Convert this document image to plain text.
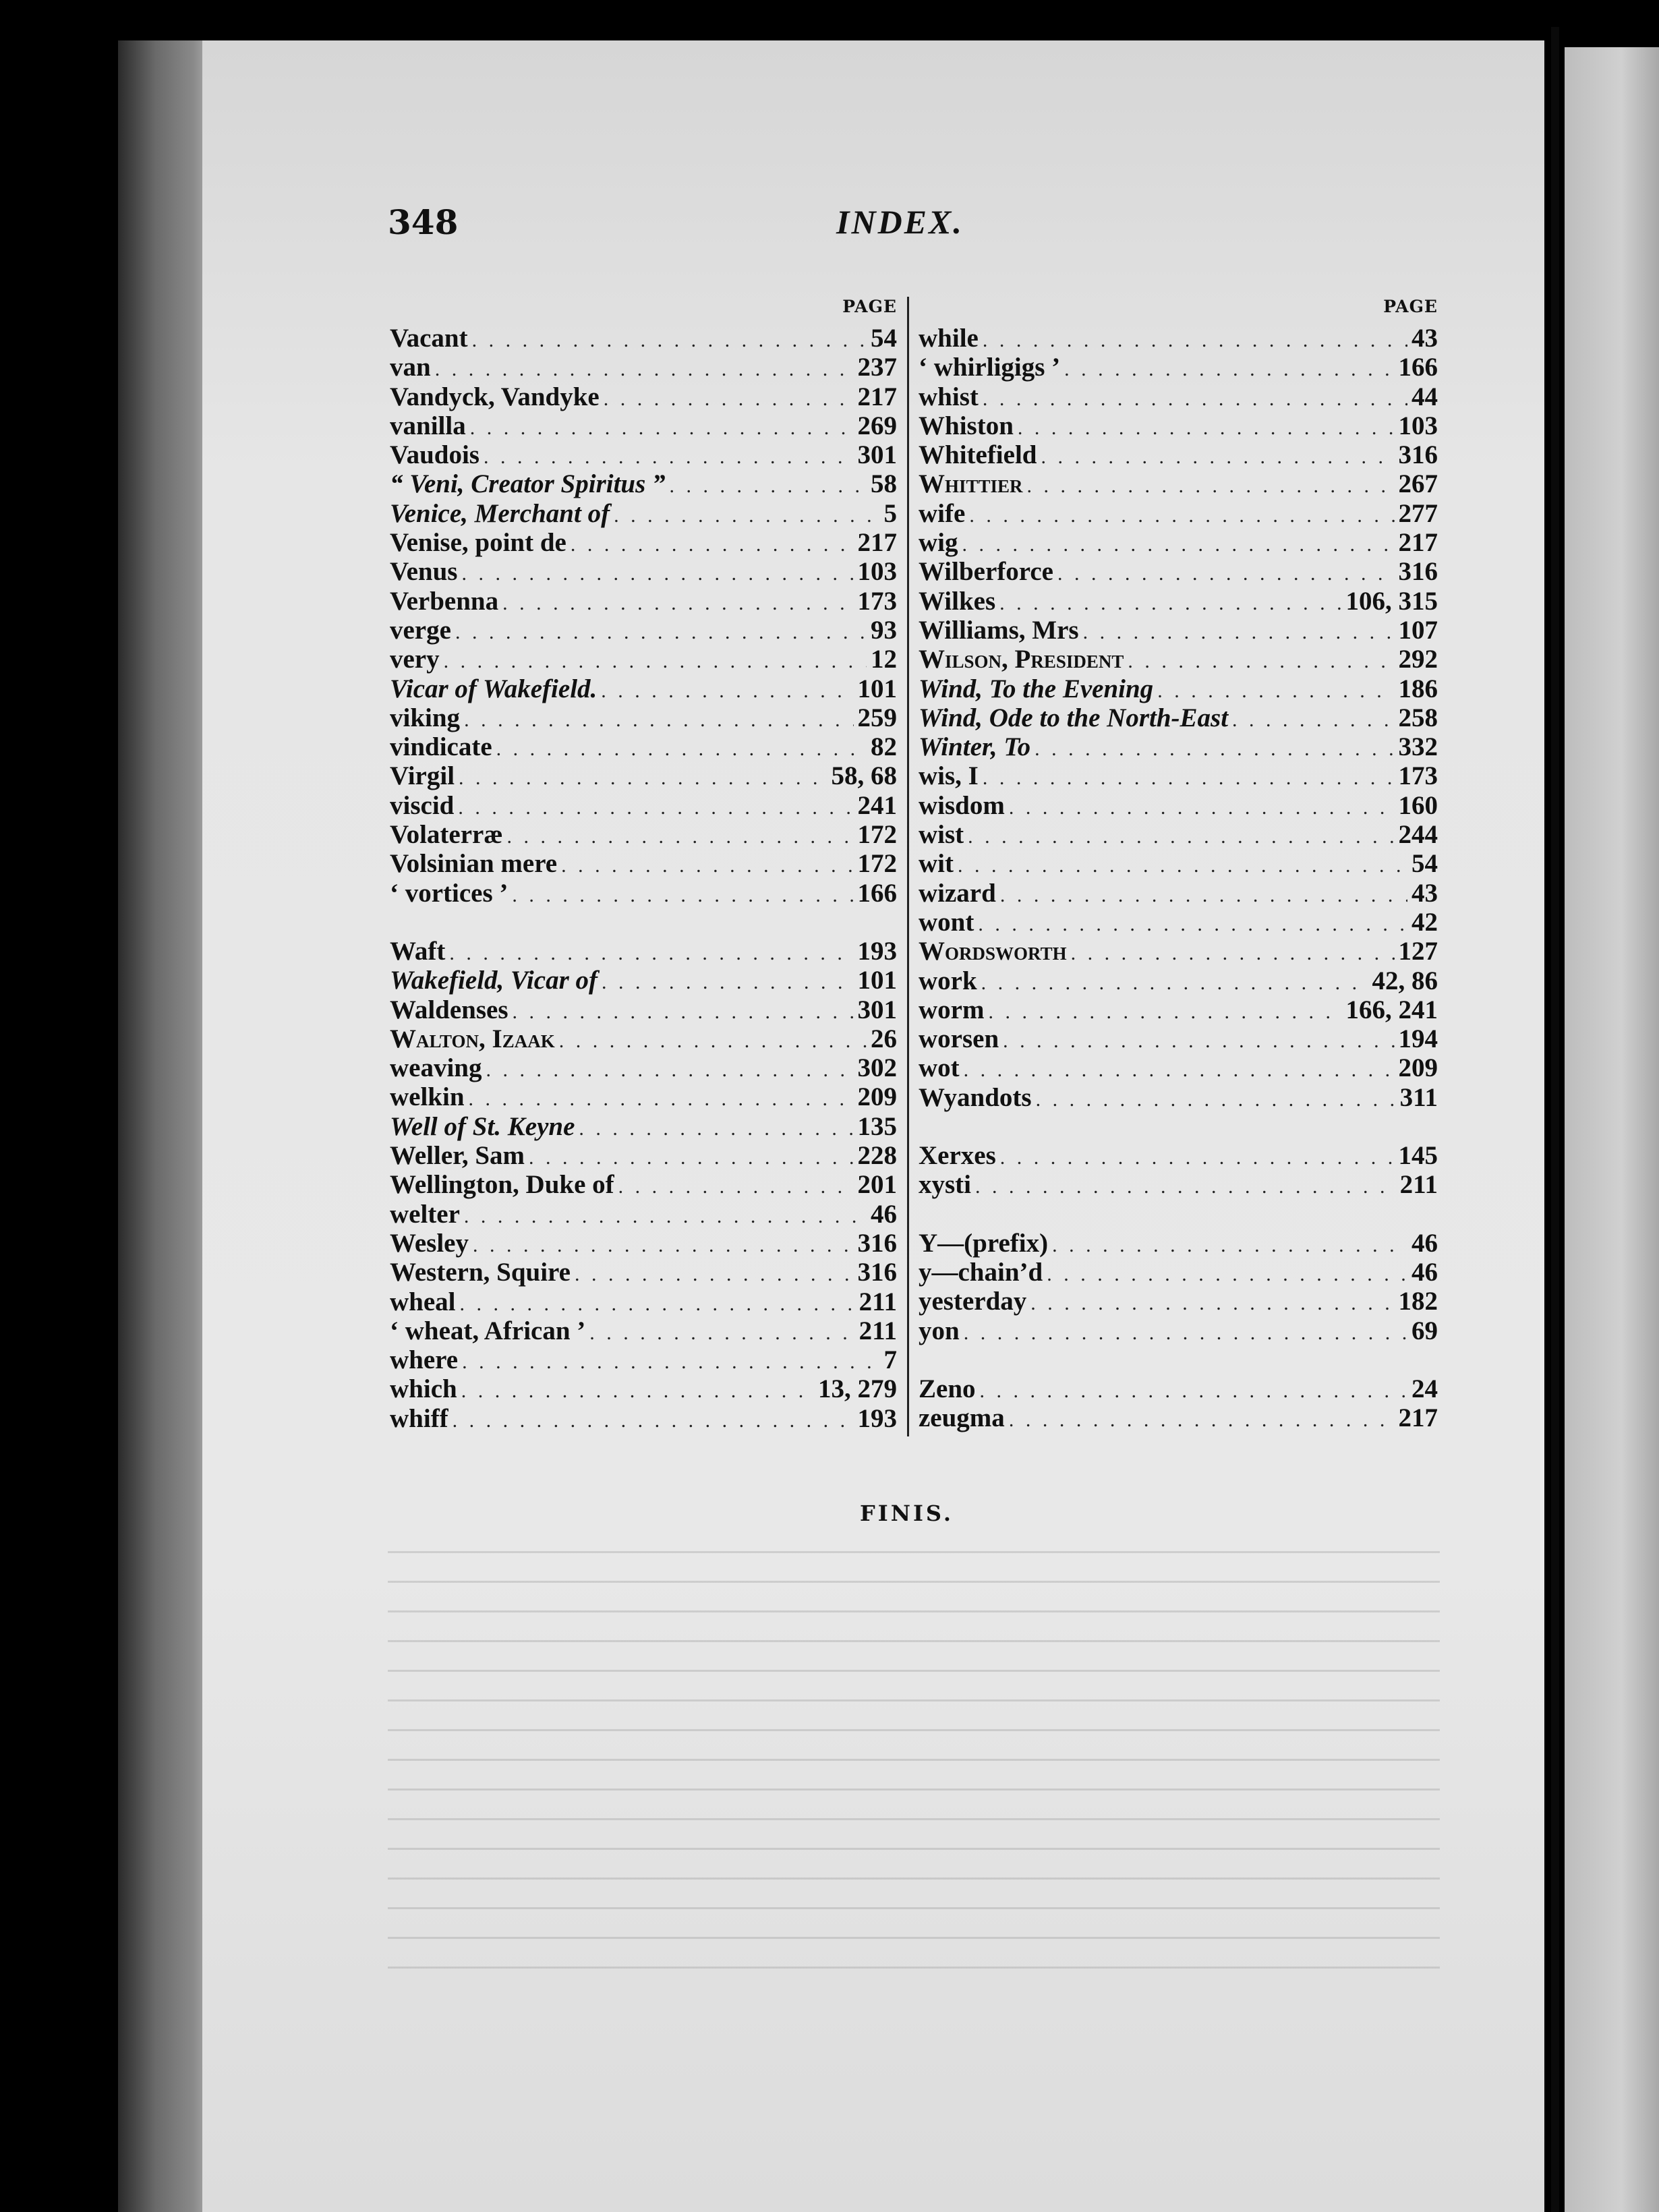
348	INDEX.
PAGE
Vacant . . .	54
van . . .	237
Vandyck, Vandyke . . .	217
vanilla . . .	269
Vaudois . . .	301
“ Veni, Creator Spiritus ” . . .	58
Venice, Merchant of . . .	5
Venise, point de . . .	217
Venus . . .	103
Verbenna . . .	173
verge . . .	93
very . . .	12
Vicar of Wakefield. . . .	101
viking . . .	259
vindicate . . .	82
Virgil . . .	58, 68
viscid . . .	241
Volaterræ . . .	172
Volsinian mere . . .	172
‘ vortices ’ . . .	166
Waft . . .	193
Wakefield, Vicar of . . .	101
Waldenses . . .	301
Walton, Izaak . . .	26
weaving . . .	302
welkin . . .	209
Well of St. Keyne . . .	135
Weller, Sam . . .	228
Wellington, Duke of . . .	201
welter . . .	46
Wesley . . .	316
Western, Squire . . .	316
wheal . . .	211
‘ wheat, African ’ . . .	211
where . . .	7
which . . .	13, 279
whiff . . .	193
PAGE
while . . .	43
‘ whirligigs ’ . . .	166
whist . . .	44
Whiston . . .	103
Whitefield . . .	316
Whittier . . .	267
wife . . .	277
wig . . .	217
Wilberforce . . .	316
Wilkes . . .	106, 315
Williams, Mrs . . .	107
Wilson, President . . .	292
Wind, To the Evening . . .	186
Wind, Ode to the North-East . . .	258
Winter, To . . .	332
wis, I . . .	173
wisdom . . .	160
wist . . .	244
wit . . .	54
wizard . . .	43
wont . . .	42
Wordsworth . . .	127
work . . .	42, 86
worm . . .	166, 241
worsen . . .	194
wot . . .	209
Wyandots . . .	311
Xerxes . . .	145
xysti . . .	211
Y—(prefix) . . .	46
y—chain’d . . .	46
yesterday . . .	182
yon . . .	69
Zeno . . .	24
zeugma . . .	217
FINIS.
